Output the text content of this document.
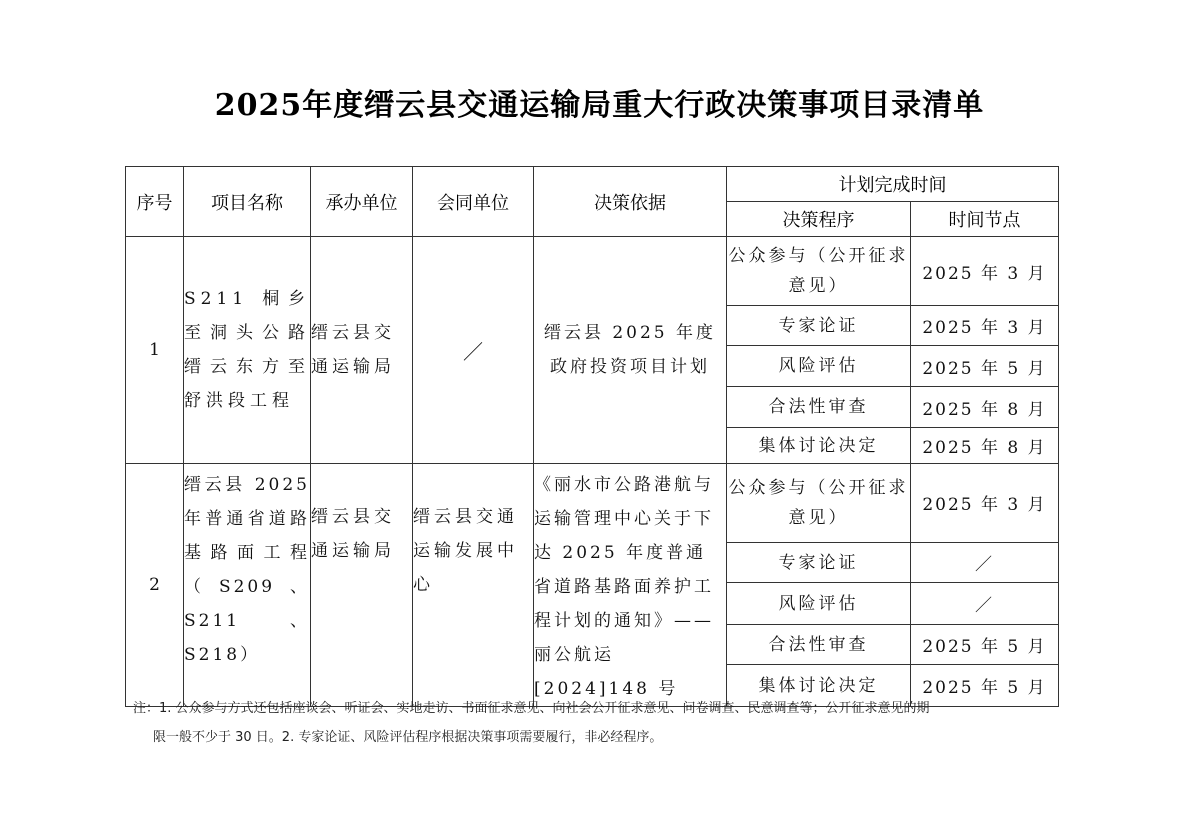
2025年度缙云县交通运输局重大行政决策事项目录清单
序号	项目名称	承办单位	会同单位	决策依据	计划完成时间	
					决策程序	时间节点
1	S211 桐乡至洞头公路缙云东方至舒洪段工程	缙云县交通运输局	／	缙云县 2025 年度政府投资项目计划	公众参与（公开征求意见）	2025 年 3 月
					专家论证	2025 年 3 月
					风险评估	2025 年 5 月
					合法性审查	2025 年 8 月
					集体讨论决定	2025 年 8 月
2	缙云县 2025 年普通省道路基路面工程（S209、S211、S218）	缙云县交通运输局	缙云县交通运输发展中心	《丽水市公路港航与运输管理中心关于下达 2025 年度普通省道路基路面养护工程计划的通知》——丽公航运[2024]148 号	公众参与（公开征求意见）	2025 年 3 月
					专家论证	／
					风险评估	／
					合法性审查	2025 年 5 月
					集体讨论决定	2025 年 5 月
注：1. 公众参与方式还包括座谈会、听证会、实地走访、书面征求意见、向社会公开征求意见、问卷调查、民意调查等；公开征求意见的期
限一般不少于 30 日。2. 专家论证、风险评估程序根据决策事项需要履行，非必经程序。
